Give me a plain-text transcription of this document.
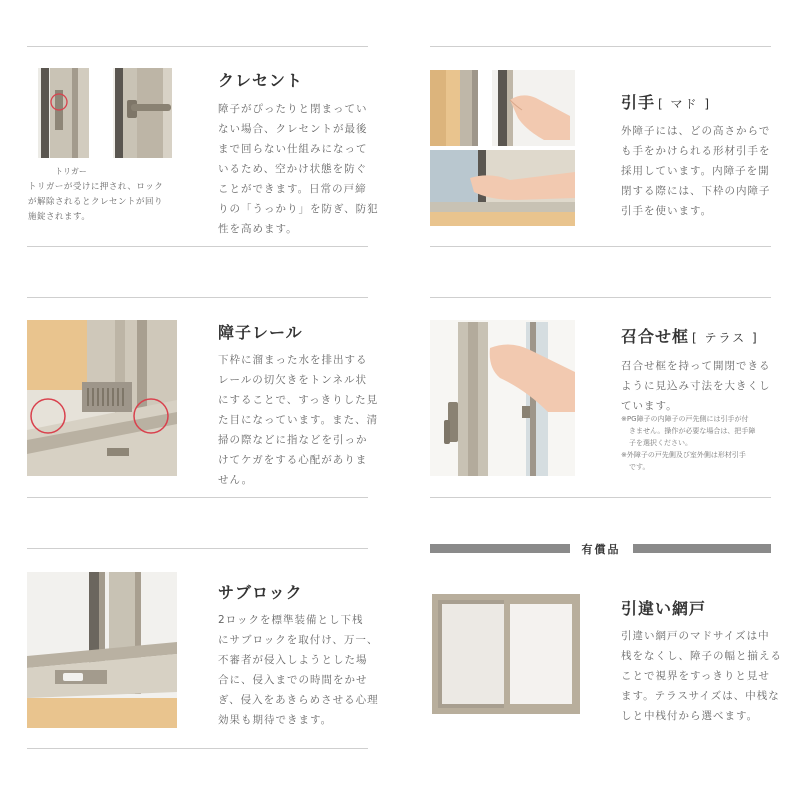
トリガー
トリガーが受けに押され、ロック
が解除されるとクレセントが回り
施錠されます。
クレセント
障子がぴったりと閉まってい
ない場合、クレセントが最後
まで回らない仕組みになって
いるため、空かけ状態を防ぐ
ことができます。日常の戸締
りの「うっかり」を防ぎ、防犯
性を高めます。
引手 [ マド ]
外障子には、どの高さからで
も手をかけられる形材引手を
採用しています。内障子を開
閉する際には、下枠の内障子
引手を使います。
障子レール
下枠に溜まった水を排出する
レールの切欠きをトンネル状
にすることで、すっきりした見
た目になっています。また、清
掃の際などに指などを引っか
けてケガをする心配がありま
せん。
召合せ框 [ テラス ]
召合せ框を持って開閉できる
ように見込み寸法を大きくし
ています。
※PG障子の内障子の戸先側には引手が付
きません。操作が必要な場合は、把手障
子を選択ください。
※外障子の戸先側及び室外側は形材引手
です。
サブロック
2ロックを標準装備とし下桟
にサブロックを取付け、万一、
不審者が侵入しようとした場
合に、侵入までの時間をかせ
ぎ、侵入をあきらめさせる心理
効果も期待できます。
有償品
引違い網戸
引違い網戸のマドサイズは中
桟をなくし、障子の幅と揃える
ことで視界をすっきりと見せ
ます。テラスサイズは、中桟な
しと中桟付から選べます。
